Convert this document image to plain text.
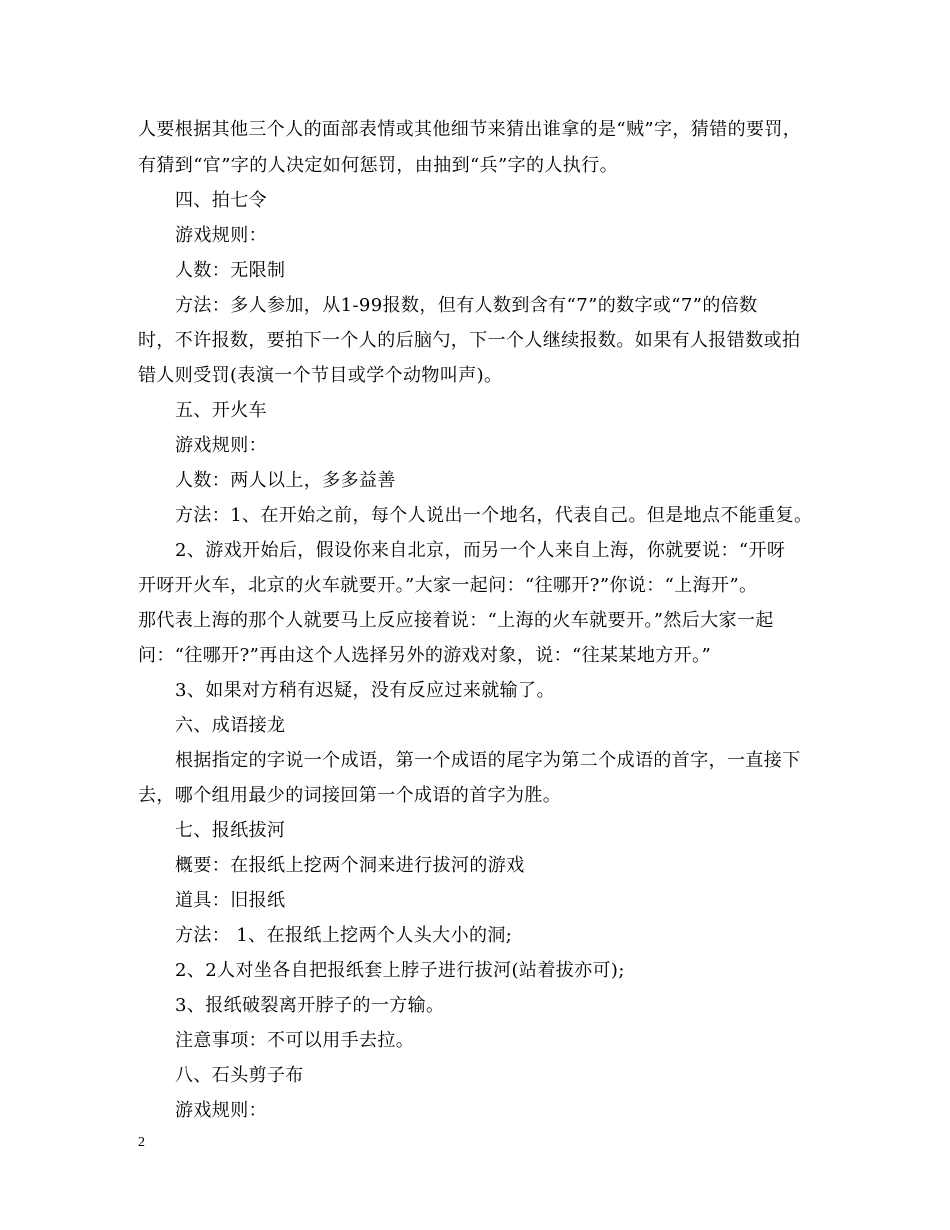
人要根据其他三个人的面部表情或其他细节来猜出谁拿的是“贼”字，猜错的要罚，
有猜到“官”字的人决定如何惩罚，由抽到“兵”字的人执行。
四、拍七令
游戏规则：
人数：无限制
方法：多人参加，从1-99报数，但有人数到含有“7”的数字或“7”的倍数
时，不许报数，要拍下一个人的后脑勺，下一个人继续报数。如果有人报错数或拍
错人则受罚(表演一个节目或学个动物叫声)。
五、开火车
游戏规则：
人数：两人以上，多多益善
方法：1、在开始之前，每个人说出一个地名，代表自己。但是地点不能重复。
2、游戏开始后，假设你来自北京，而另一个人来自上海，你就要说：“开呀
开呀开火车，北京的火车就要开。”大家一起问：“往哪开?”你说：“上海开”。
那代表上海的那个人就要马上反应接着说：“上海的火车就要开。”然后大家一起
问：“往哪开?”再由这个人选择另外的游戏对象，说：“往某某地方开。”
3、如果对方稍有迟疑，没有反应过来就输了。
六、成语接龙
根据指定的字说一个成语，第一个成语的尾字为第二个成语的首字，一直接下
去，哪个组用最少的词接回第一个成语的首字为胜。
七、报纸拔河
概要：在报纸上挖两个洞来进行拔河的游戏
道具：旧报纸
方法： 1、在报纸上挖两个人头大小的洞;
2、2人对坐各自把报纸套上脖子进行拔河(站着拔亦可);
3、报纸破裂离开脖子的一方输。
注意事项：不可以用手去拉。
八、石头剪子布
游戏规则：
2
